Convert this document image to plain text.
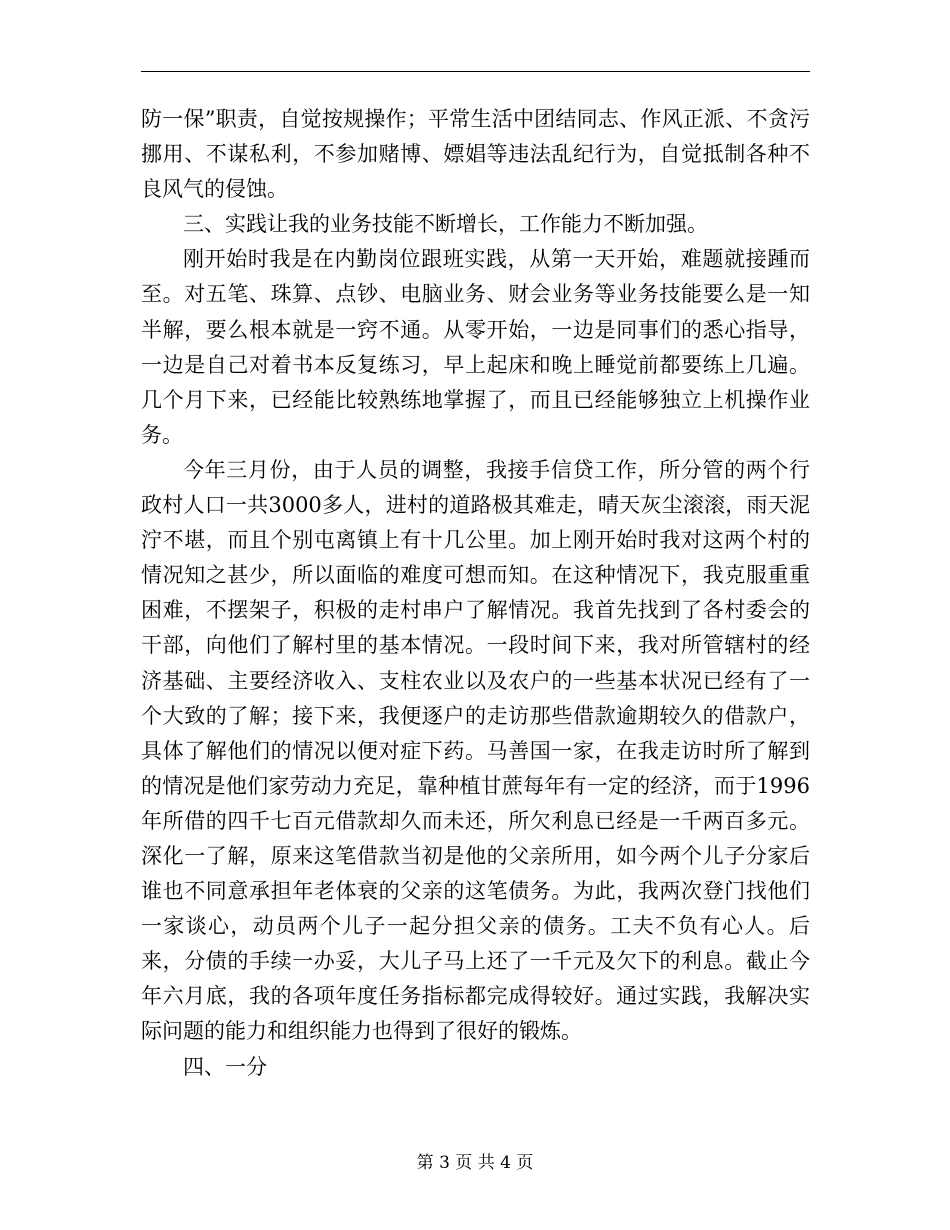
防一保”职责，自觉按规操作；平常生活中团结同志、作风正派、不贪污挪用、不谋私利，不参加赌博、嫖娼等违法乱纪行为，自觉抵制各种不良风气的侵蚀。

三、实践让我的业务技能不断增长，工作能力不断加强。

刚开始时我是在内勤岗位跟班实践，从第一天开始，难题就接踵而至。对五笔、珠算、点钞、电脑业务、财会业务等业务技能要么是一知半解，要么根本就是一窍不通。从零开始，一边是同事们的悉心指导，一边是自己对着书本反复练习，早上起床和晚上睡觉前都要练上几遍。几个月下来，已经能比较熟练地掌握了，而且已经能够独立上机操作业务。

今年三月份，由于人员的调整，我接手信贷工作，所分管的两个行政村人口一共3000多人，进村的道路极其难走，晴天灰尘滚滚，雨天泥泞不堪，而且个别屯离镇上有十几公里。加上刚开始时我对这两个村的情况知之甚少，所以面临的难度可想而知。在这种情况下，我克服重重困难，不摆架子，积极的走村串户了解情况。我首先找到了各村委会的干部，向他们了解村里的基本情况。一段时间下来，我对所管辖村的经济基础、主要经济收入、支柱农业以及农户的一些基本状况已经有了一个大致的了解；接下来，我便逐户的走访那些借款逾期较久的借款户，具体了解他们的情况以便对症下药。马善国一家，在我走访时所了解到的情况是他们家劳动力充足，靠种植甘蔗每年有一定的经济，而于1996年所借的四千七百元借款却久而未还，所欠利息已经是一千两百多元。深化一了解，原来这笔借款当初是他的父亲所用，如今两个儿子分家后谁也不同意承担年老体衰的父亲的这笔债务。为此，我两次登门找他们一家谈心，动员两个儿子一起分担父亲的债务。工夫不负有心人。后来，分债的手续一办妥，大儿子马上还了一千元及欠下的利息。截止今年六月底，我的各项年度任务指标都完成得较好。通过实践，我解决实际问题的能力和组织能力也得到了很好的锻炼。

四、一分

第 3 页 共 4 页
